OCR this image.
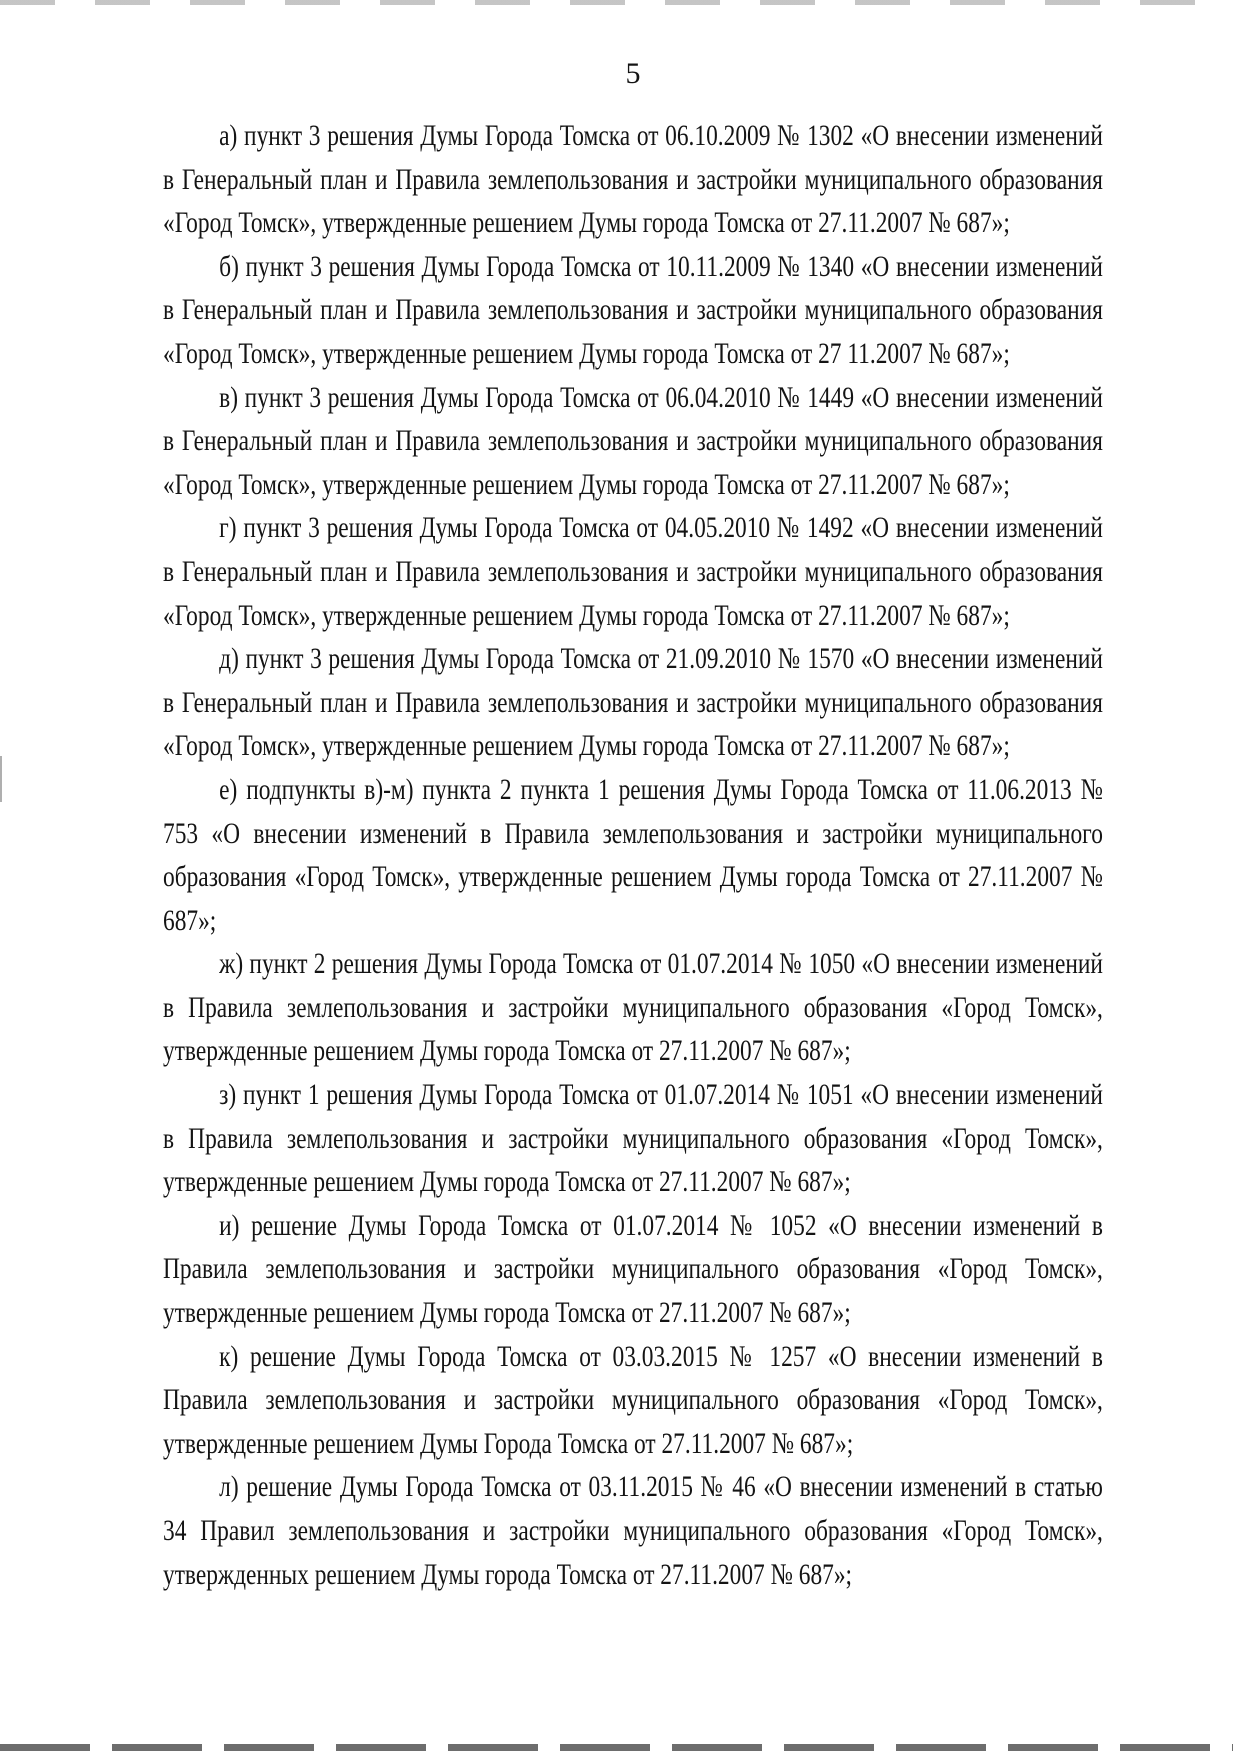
5

а) пункт 3 решения Думы Города Томска от 06.10.2009 № 1302 «О внесении изменений в Генеральный план и Правила землепользования и застройки муниципального образования «Город Томск», утвержденные решением Думы города Томска от 27.11.2007 № 687»;

б) пункт 3 решения Думы Города Томска от 10.11.2009 № 1340 «О внесении изменений в Генеральный план и Правила землепользования и застройки муниципального образования «Город Томск», утвержденные решением Думы города Томска от 27 11.2007 № 687»;

в) пункт 3 решения Думы Города Томска от 06.04.2010 № 1449 «О внесении изменений в Генеральный план и Правила землепользования и застройки муниципального образования «Город Томск», утвержденные решением Думы города Томска от 27.11.2007 № 687»;

г) пункт 3 решения Думы Города Томска от 04.05.2010 № 1492 «О внесении изменений в Генеральный план и Правила землепользования и застройки муниципального образования «Город Томск», утвержденные решением Думы города Томска от 27.11.2007 № 687»;

д) пункт 3 решения Думы Города Томска от 21.09.2010 № 1570 «О внесении изменений в Генеральный план и Правила землепользования и застройки муниципального образования «Город Томск», утвержденные решением Думы города Томска от 27.11.2007 № 687»;

е) подпункты в)-м) пункта 2 пункта 1 решения Думы Города Томска от 11.06.2013 № 753 «О внесении изменений в Правила землепользования и застройки муниципального образования «Город Томск», утвержденные решением Думы города Томска от 27.11.2007 № 687»;

ж) пункт 2 решения Думы Города Томска от 01.07.2014 № 1050 «О внесении изменений в Правила землепользования и застройки муниципального образования «Город Томск», утвержденные решением Думы города Томска от 27.11.2007 № 687»;

з) пункт 1 решения Думы Города Томска от 01.07.2014 № 1051 «О внесении изменений в Правила землепользования и застройки муниципального образования «Город Томск», утвержденные решением Думы города Томска от 27.11.2007 № 687»;

и) решение Думы Города Томска от 01.07.2014 № 1052 «О внесении изменений в Правила землепользования и застройки муниципального образования «Город Томск», утвержденные решением Думы города Томска от 27.11.2007 № 687»;

к) решение Думы Города Томска от 03.03.2015 № 1257 «О внесении изменений в Правила землепользования и застройки муниципального образования «Город Томск», утвержденные решением Думы Города Томска от 27.11.2007 № 687»;

л) решение Думы Города Томска от 03.11.2015 № 46 «О внесении изменений в статью 34 Правил землепользования и застройки муниципального образования «Город Томск», утвержденных решением Думы города Томска от 27.11.2007 № 687»;
